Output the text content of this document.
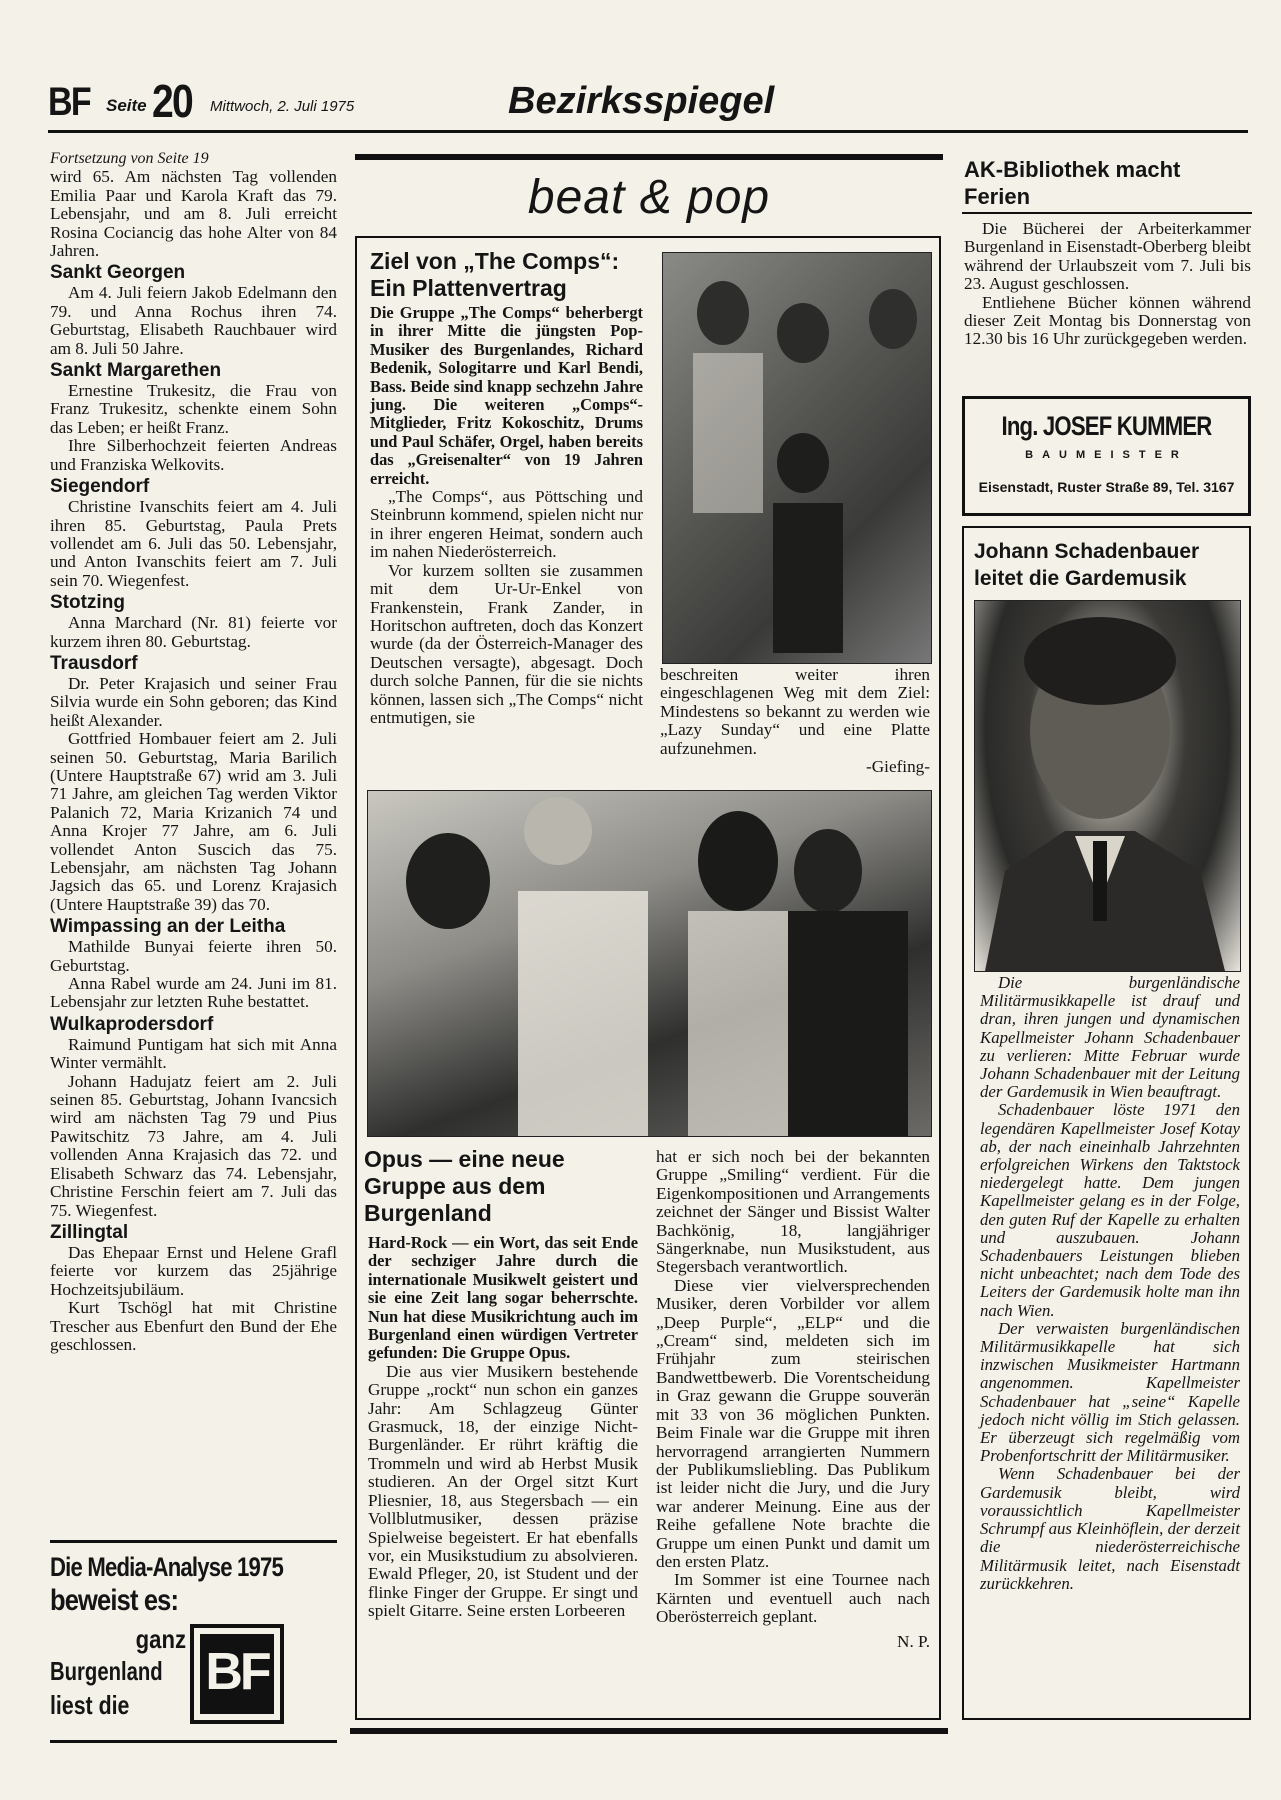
BF Seite 20 Mittwoch, 2. Juli 1975	Bezirksspiegel

Fortsetzung von Seite 19

wird 65. Am nächsten Tag vollenden Emilia Paar und Karola Kraft das 79. Lebensjahr, und am 8. Juli erreicht Rosina Cociancig das hohe Alter von 84 Jahren.

Sankt Georgen

Am 4. Juli feiern Jakob Edelmann den 79. und Anna Rochus ihren 74. Geburtstag, Elisabeth Rauchbauer wird am 8. Juli 50 Jahre.

Sankt Margarethen

Ernestine Trukesitz, die Frau von Franz Trukesitz, schenkte einem Sohn das Leben; er heißt Franz.

Ihre Silberhochzeit feierten Andreas und Franziska Welkovits.

Siegendorf

Christine Ivanschits feiert am 4. Juli ihren 85. Geburtstag, Paula Prets vollendet am 6. Juli das 50. Lebensjahr, und Anton Ivanschits feiert am 7. Juli sein 70. Wiegenfest.

Stotzing

Anna Marchard (Nr. 81) feierte vor kurzem ihren 80. Geburtstag.

Trausdorf

Dr. Peter Krajasich und seiner Frau Silvia wurde ein Sohn geboren; das Kind heißt Alexander.

Gottfried Hombauer feiert am 2. Juli seinen 50. Geburtstag, Maria Barilich (Untere Hauptstraße 67) wrid am 3. Juli 71 Jahre, am gleichen Tag werden Viktor Palanich 72, Maria Krizanich 74 und Anna Krojer 77 Jahre, am 6. Juli vollendet Anton Suscich das 75. Lebensjahr, am nächsten Tag Johann Jagsich das 65. und Lorenz Krajasich (Untere Hauptstraße 39) das 70.

Wimpassing an der Leitha

Mathilde Bunyai feierte ihren 50. Geburtstag.

Anna Rabel wurde am 24. Juni im 81. Lebensjahr zur letzten Ruhe bestattet.

Wulkaprodersdorf

Raimund Puntigam hat sich mit Anna Winter vermählt.

Johann Hadujatz feiert am 2. Juli seinen 85. Geburtstag, Johann Ivancsich wird am nächsten Tag 79 und Pius Pawitschitz 73 Jahre, am 4. Juli vollenden Anna Krajasich das 72. und Elisabeth Schwarz das 74. Lebensjahr, Christine Ferschin feiert am 7. Juli das 75. Wiegenfest.

Zillingtal

Das Ehepaar Ernst und Helene Grafl feierte vor kurzem das 25jährige Hochzeitsjubiläum.

Kurt Tschögl hat mit Christine Trescher aus Ebenfurt den Bund der Ehe geschlossen.

Die Media-Analyse 1975
beweist es:
ganz
Burgenland
liest die
BF
beat & pop
Ziel von „The Comps“: Ein Plattenvertrag

Die Gruppe „The Comps“ beherbergt in ihrer Mitte die jüngsten Pop-Musiker des Burgenlandes, Richard Bedenik, Sologitarre und Karl Bendi, Bass. Beide sind knapp sechzehn Jahre jung. Die weiteren „Comps“-Mitglieder, Fritz Kokoschitz, Drums und Paul Schäfer, Orgel, haben bereits das „Greisenalter“ von 19 Jahren erreicht.

„The Comps“, aus Pöttsching und Steinbrunn kommend, spielen nicht nur in ihrer engeren Heimat, sondern auch im nahen Niederösterreich.

Vor kurzem sollten sie zusammen mit dem Ur-Ur-Enkel von Frankenstein, Frank Zander, in Horitschon auftreten, doch das Konzert wurde (da der Österreich-Manager des Deutschen versagte), abgesagt. Doch durch solche Pannen, für die sie nichts können, lassen sich „The Comps“ nicht entmutigen, sie

beschreiten weiter ihren eingeschlagenen Weg mit dem Ziel: Mindestens so bekannt zu werden wie „Lazy Sunday“ und eine Platte aufzunehmen.

-Giefing-

Opus — eine neue Gruppe aus dem Burgenland

Hard-Rock — ein Wort, das seit Ende der sechziger Jahre durch die internationale Musikwelt geistert und sie eine Zeit lang sogar beherrschte. Nun hat diese Musikrichtung auch im Burgenland einen würdigen Vertreter gefunden: Die Gruppe Opus.

Die aus vier Musikern bestehende Gruppe „rockt“ nun schon ein ganzes Jahr: Am Schlagzeug Günter Grasmuck, 18, der einzige Nicht-Burgenländer. Er rührt kräftig die Trommeln und wird ab Herbst Musik studieren. An der Orgel sitzt Kurt Pliesnier, 18, aus Stegersbach — ein Vollblutmusiker, dessen präzise Spielweise begeistert. Er hat ebenfalls vor, ein Musikstudium zu absolvieren. Ewald Pfleger, 20, ist Student und der flinke Finger der Gruppe. Er singt und spielt Gitarre. Seine ersten Lorbeeren

hat er sich noch bei der bekannten Gruppe „Smiling“ verdient. Für die Eigenkompositionen und Arrangements zeichnet der Sänger und Bissist Walter Bachkönig, 18, langjähriger Sängerknabe, nun Musikstudent, aus Stegersbach verantwortlich.

Diese vier vielversprechenden Musiker, deren Vorbilder vor allem „Deep Purple“, „ELP“ und die „Cream“ sind, meldeten sich im Frühjahr zum steirischen Bandwettbewerb. Die Vorentscheidung in Graz gewann die Gruppe souverän mit 33 von 36 möglichen Punkten. Beim Finale war die Gruppe mit ihren hervorragend arrangierten Nummern der Publikumsliebling. Das Publikum ist leider nicht die Jury, und die Jury war anderer Meinung. Eine aus der Reihe gefallene Note brachte die Gruppe um einen Punkt und damit um den ersten Platz.

Im Sommer ist eine Tournee nach Kärnten und eventuell auch nach Oberösterreich geplant.

N. P.

AK-Bibliothek macht Ferien

Die Bücherei der Arbeiterkammer Burgenland in Eisenstadt-Oberberg bleibt während der Urlaubszeit vom 7. Juli bis 23. August geschlossen.

Entliehene Bücher können während dieser Zeit Montag bis Donnerstag von 12.30 bis 16 Uhr zurückgegeben werden.

Ing. JOSEF KUMMER
BAUMEISTER
Eisenstadt, Ruster Straße 89, Tel. 3167
Johann Schadenbauer leitet die Gardemusik

Die burgenländische Militärmusikkapelle ist drauf und dran, ihren jungen und dynamischen Kapellmeister Johann Schadenbauer zu verlieren: Mitte Februar wurde Johann Schadenbauer mit der Leitung der Gardemusik in Wien beauftragt.

Schadenbauer löste 1971 den legendären Kapellmeister Josef Kotay ab, der nach eineinhalb Jahrzehnten erfolgreichen Wirkens den Taktstock niedergelegt hatte. Dem jungen Kapellmeister gelang es in der Folge, den guten Ruf der Kapelle zu erhalten und auszubauen. Johann Schadenbauers Leistungen blieben nicht unbeachtet; nach dem Tode des Leiters der Gardemusik holte man ihn nach Wien.

Der verwaisten burgenländischen Militärmusikkapelle hat sich inzwischen Musikmeister Hartmann angenommen. Kapellmeister Schadenbauer hat „seine“ Kapelle jedoch nicht völlig im Stich gelassen. Er überzeugt sich regelmäßig vom Probenfortschritt der Militärmusiker.

Wenn Schadenbauer bei der Gardemusik bleibt, wird voraussichtlich Kapellmeister Schrumpf aus Kleinhöflein, der derzeit die niederösterreichische Militärmusik leitet, nach Eisenstadt zurückkehren.
